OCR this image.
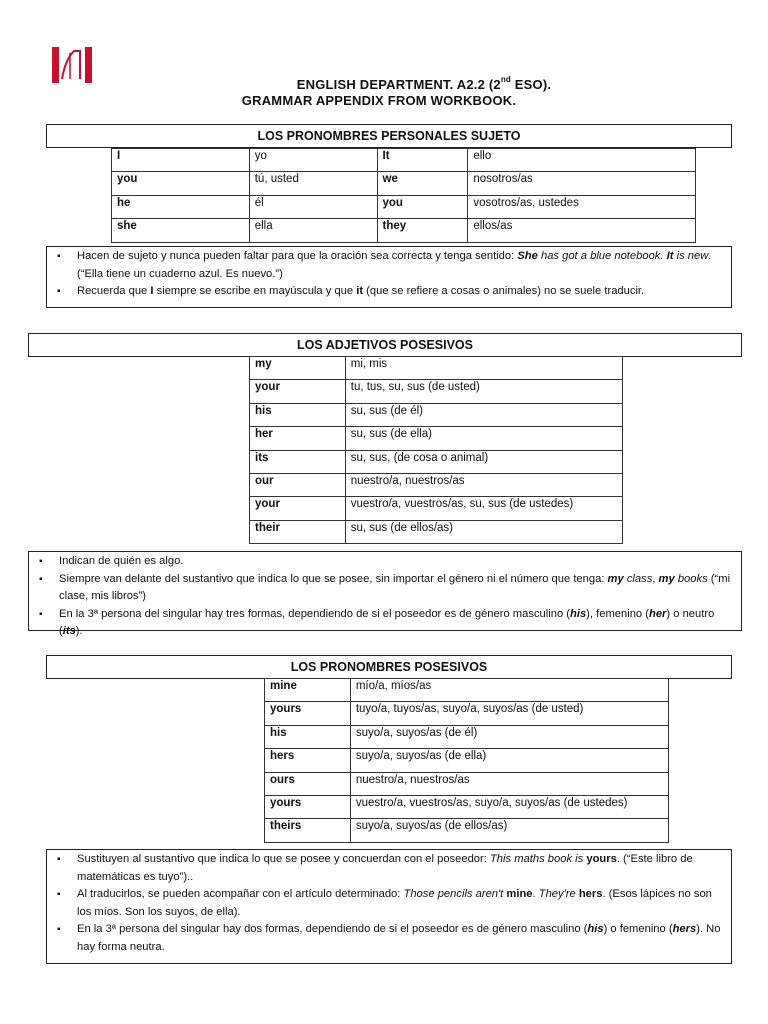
ENGLISH DEPARTMENT. A2.2 (2nd ESO).
GRAMMAR APPENDIX FROM WORKBOOK.
LOS PRONOMBRES PERSONALES SUJETO
I	yo	It	ello
you	tú, usted	we	nosotros/as
he	él	you	vosotros/as, ustedes
she	ella	they	ellos/as
▪ Hacen de sujeto y nunca pueden faltar para que la oración sea correcta y tenga sentido: She has got a blue notebook. It is new. (“Ella tiene un cuaderno azul. Es nuevo.”)
▪ Recuerda que I siempre se escribe en mayúscula y que it (que se refiere a cosas o animales) no se suele traducir.
LOS ADJETIVOS POSESIVOS
my	mi, mis
your	tu, tus, su, sus (de usted)
his	su, sus (de él)
her	su, sus (de ella)
its	su, sus, (de cosa o animal)
our	nuestro/a, nuestros/as
your	vuestro/a, vuestros/as, su, sus (de ustedes)
their	su, sus (de ellos/as)
▪ Indican de quién es algo.
▪ Siempre van delante del sustantivo que indica lo que se posee, sin importar el género ni el número que tenga: my class, my books (“mi clase, mis libros”)
▪ En la 3ª persona del singular hay tres formas, dependiendo de si el poseedor es de género masculino (his), femenino (her) o neutro (its).
LOS PRONOMBRES POSESIVOS
mine	mío/a, míos/as
yours	tuyo/a, tuyos/as, suyo/a, suyos/as (de usted)
his	suyo/a, suyos/as (de él)
hers	suyo/a, suyos/as (de ella)
ours	nuestro/a, nuestros/as
yours	vuestro/a, vuestros/as, suyo/a, suyos/as (de ustedes)
theirs	suyo/a, suyos/as (de ellos/as)
▪ Sustituyen al sustantivo que indica lo que se posee y concuerdan con el poseedor: This maths book is yours. (“Este libro de matemáticas es tuyo”)..
▪ Al traducirlos, se pueden acompañar con el artículo determinado: Those pencils aren't mine. They're hers. (Esos lápices no son los míos. Son los suyos, de ella).
▪ En la 3ª persona del singular hay dos formas, dependiendo de si el poseedor es de género masculino (his) o femenino (hers). No hay forma neutra.
